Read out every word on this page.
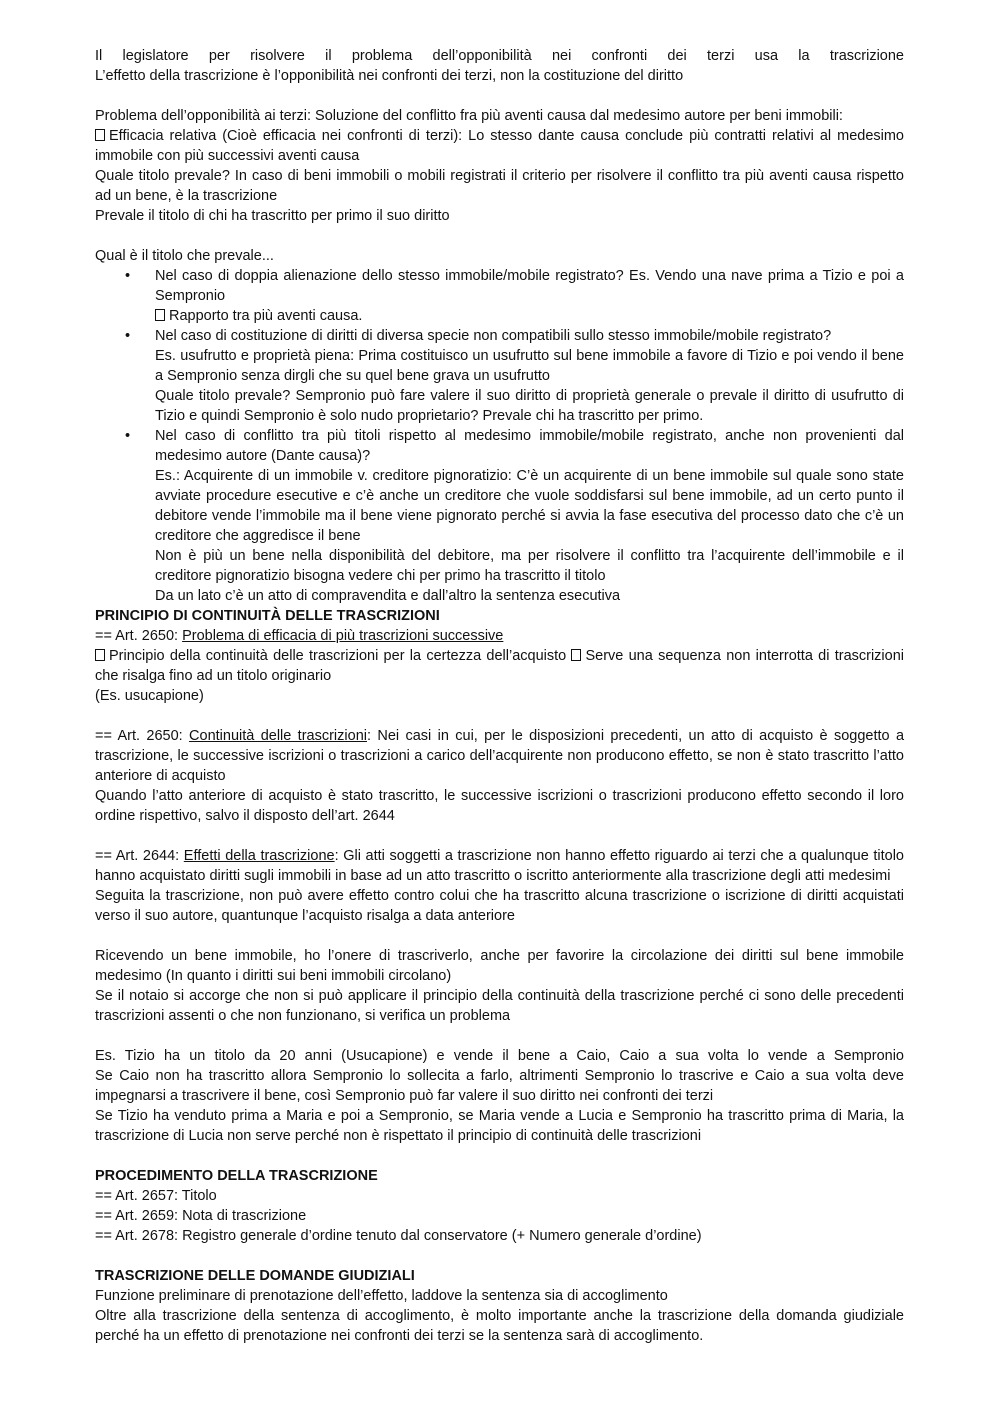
Il legislatore per risolvere il problema dell’opponibilità nei confronti dei terzi usa la trascrizione

L’effetto della trascrizione è l’opponibilità nei confronti dei terzi, non la costituzione del diritto

Problema dell’opponibilità ai terzi: Soluzione del conflitto fra più aventi causa dal medesimo autore per beni immobili:

Efficacia relativa (Cioè efficacia nei confronti di terzi): Lo stesso dante causa conclude più contratti relativi al medesimo immobile con più successivi aventi causa

Quale titolo prevale? In caso di beni immobili o mobili registrati il criterio per risolvere il conflitto tra più aventi causa rispetto ad un bene, è la trascrizione

Prevale il titolo di chi ha trascritto per primo il suo diritto

Qual è il titolo che prevale...

• Nel caso di doppia alienazione dello stesso immobile/mobile registrato? Es. Vendo una nave prima a Tizio e poi a Sempronio

Rapporto tra più aventi causa.

• Nel caso di costituzione di diritti di diversa specie non compatibili sullo stesso immobile/mobile registrato?

Es. usufrutto e proprietà piena: Prima costituisco un usufrutto sul bene immobile a favore di Tizio e poi vendo il bene a Sempronio senza dirgli che su quel bene grava un usufrutto

Quale titolo prevale? Sempronio può fare valere il suo diritto di proprietà generale o prevale il diritto di usufrutto di Tizio e quindi Sempronio è solo nudo proprietario? Prevale chi ha trascritto per primo.

• Nel caso di conflitto tra più titoli rispetto al medesimo immobile/mobile registrato, anche non provenienti dal medesimo autore (Dante causa)?

Es.: Acquirente di un immobile v. creditore pignoratizio: C’è un acquirente di un bene immobile sul quale sono state avviate procedure esecutive e c’è anche un creditore che vuole soddisfarsi sul bene immobile, ad un certo punto il debitore vende l’immobile ma il bene viene pignorato perché si avvia la fase esecutiva del processo dato che c’è un creditore che aggredisce il bene

Non è più un bene nella disponibilità del debitore, ma per risolvere il conflitto tra l’acquirente dell’immobile e il creditore pignoratizio bisogna vedere chi per primo ha trascritto il titolo

Da un lato c’è un atto di compravendita e dall’altro la sentenza esecutiva

PRINCIPIO DI CONTINUITÀ DELLE TRASCRIZIONI

== Art. 2650: Problema di efficacia di più trascrizioni successive

Principio della continuità delle trascrizioni per la certezza dell’acquisto Serve una sequenza non interrotta di trascrizioni che risalga fino ad un titolo originario

(Es. usucapione)

== Art. 2650: Continuità delle trascrizioni: Nei casi in cui, per le disposizioni precedenti, un atto di acquisto è soggetto a trascrizione, le successive iscrizioni o trascrizioni a carico dell’acquirente non producono effetto, se non è stato trascritto l’atto anteriore di acquisto

Quando l’atto anteriore di acquisto è stato trascritto, le successive iscrizioni o trascrizioni producono effetto secondo il loro ordine rispettivo, salvo il disposto dell’art. 2644

== Art. 2644: Effetti della trascrizione: Gli atti soggetti a trascrizione non hanno effetto riguardo ai terzi che a qualunque titolo hanno acquistato diritti sugli immobili in base ad un atto trascritto o iscritto anteriormente alla trascrizione degli atti medesimi

Seguita la trascrizione, non può avere effetto contro colui che ha trascritto alcuna trascrizione o iscrizione di diritti acquistati verso il suo autore, quantunque l’acquisto risalga a data anteriore

Ricevendo un bene immobile, ho l’onere di trascriverlo, anche per favorire la circolazione dei diritti sul bene immobile medesimo (In quanto i diritti sui beni immobili circolano)

Se il notaio si accorge che non si può applicare il principio della continuità della trascrizione perché ci sono delle precedenti trascrizioni assenti o che non funzionano, si verifica un problema

Es. Tizio ha un titolo da 20 anni (Usucapione) e vende il bene a Caio, Caio a sua volta lo vende a Sempronio

Se Caio non ha trascritto allora Sempronio lo sollecita a farlo, altrimenti Sempronio lo trascrive e Caio a sua volta deve impegnarsi a trascrivere il bene, così Sempronio può far valere il suo diritto nei confronti dei terzi

Se Tizio ha venduto prima a Maria e poi a Sempronio, se Maria vende a Lucia e Sempronio ha trascritto prima di Maria, la trascrizione di Lucia non serve perché non è rispettato il principio di continuità delle trascrizioni

PROCEDIMENTO DELLA TRASCRIZIONE

== Art. 2657: Titolo

== Art. 2659: Nota di trascrizione

== Art. 2678: Registro generale d’ordine tenuto dal conservatore (+ Numero generale d’ordine)

TRASCRIZIONE DELLE DOMANDE GIUDIZIALI

Funzione preliminare di prenotazione dell’effetto, laddove la sentenza sia di accoglimento

Oltre alla trascrizione della sentenza di accoglimento, è molto importante anche la trascrizione della domanda giudiziale perché ha un effetto di prenotazione nei confronti dei terzi se la sentenza sarà di accoglimento.
